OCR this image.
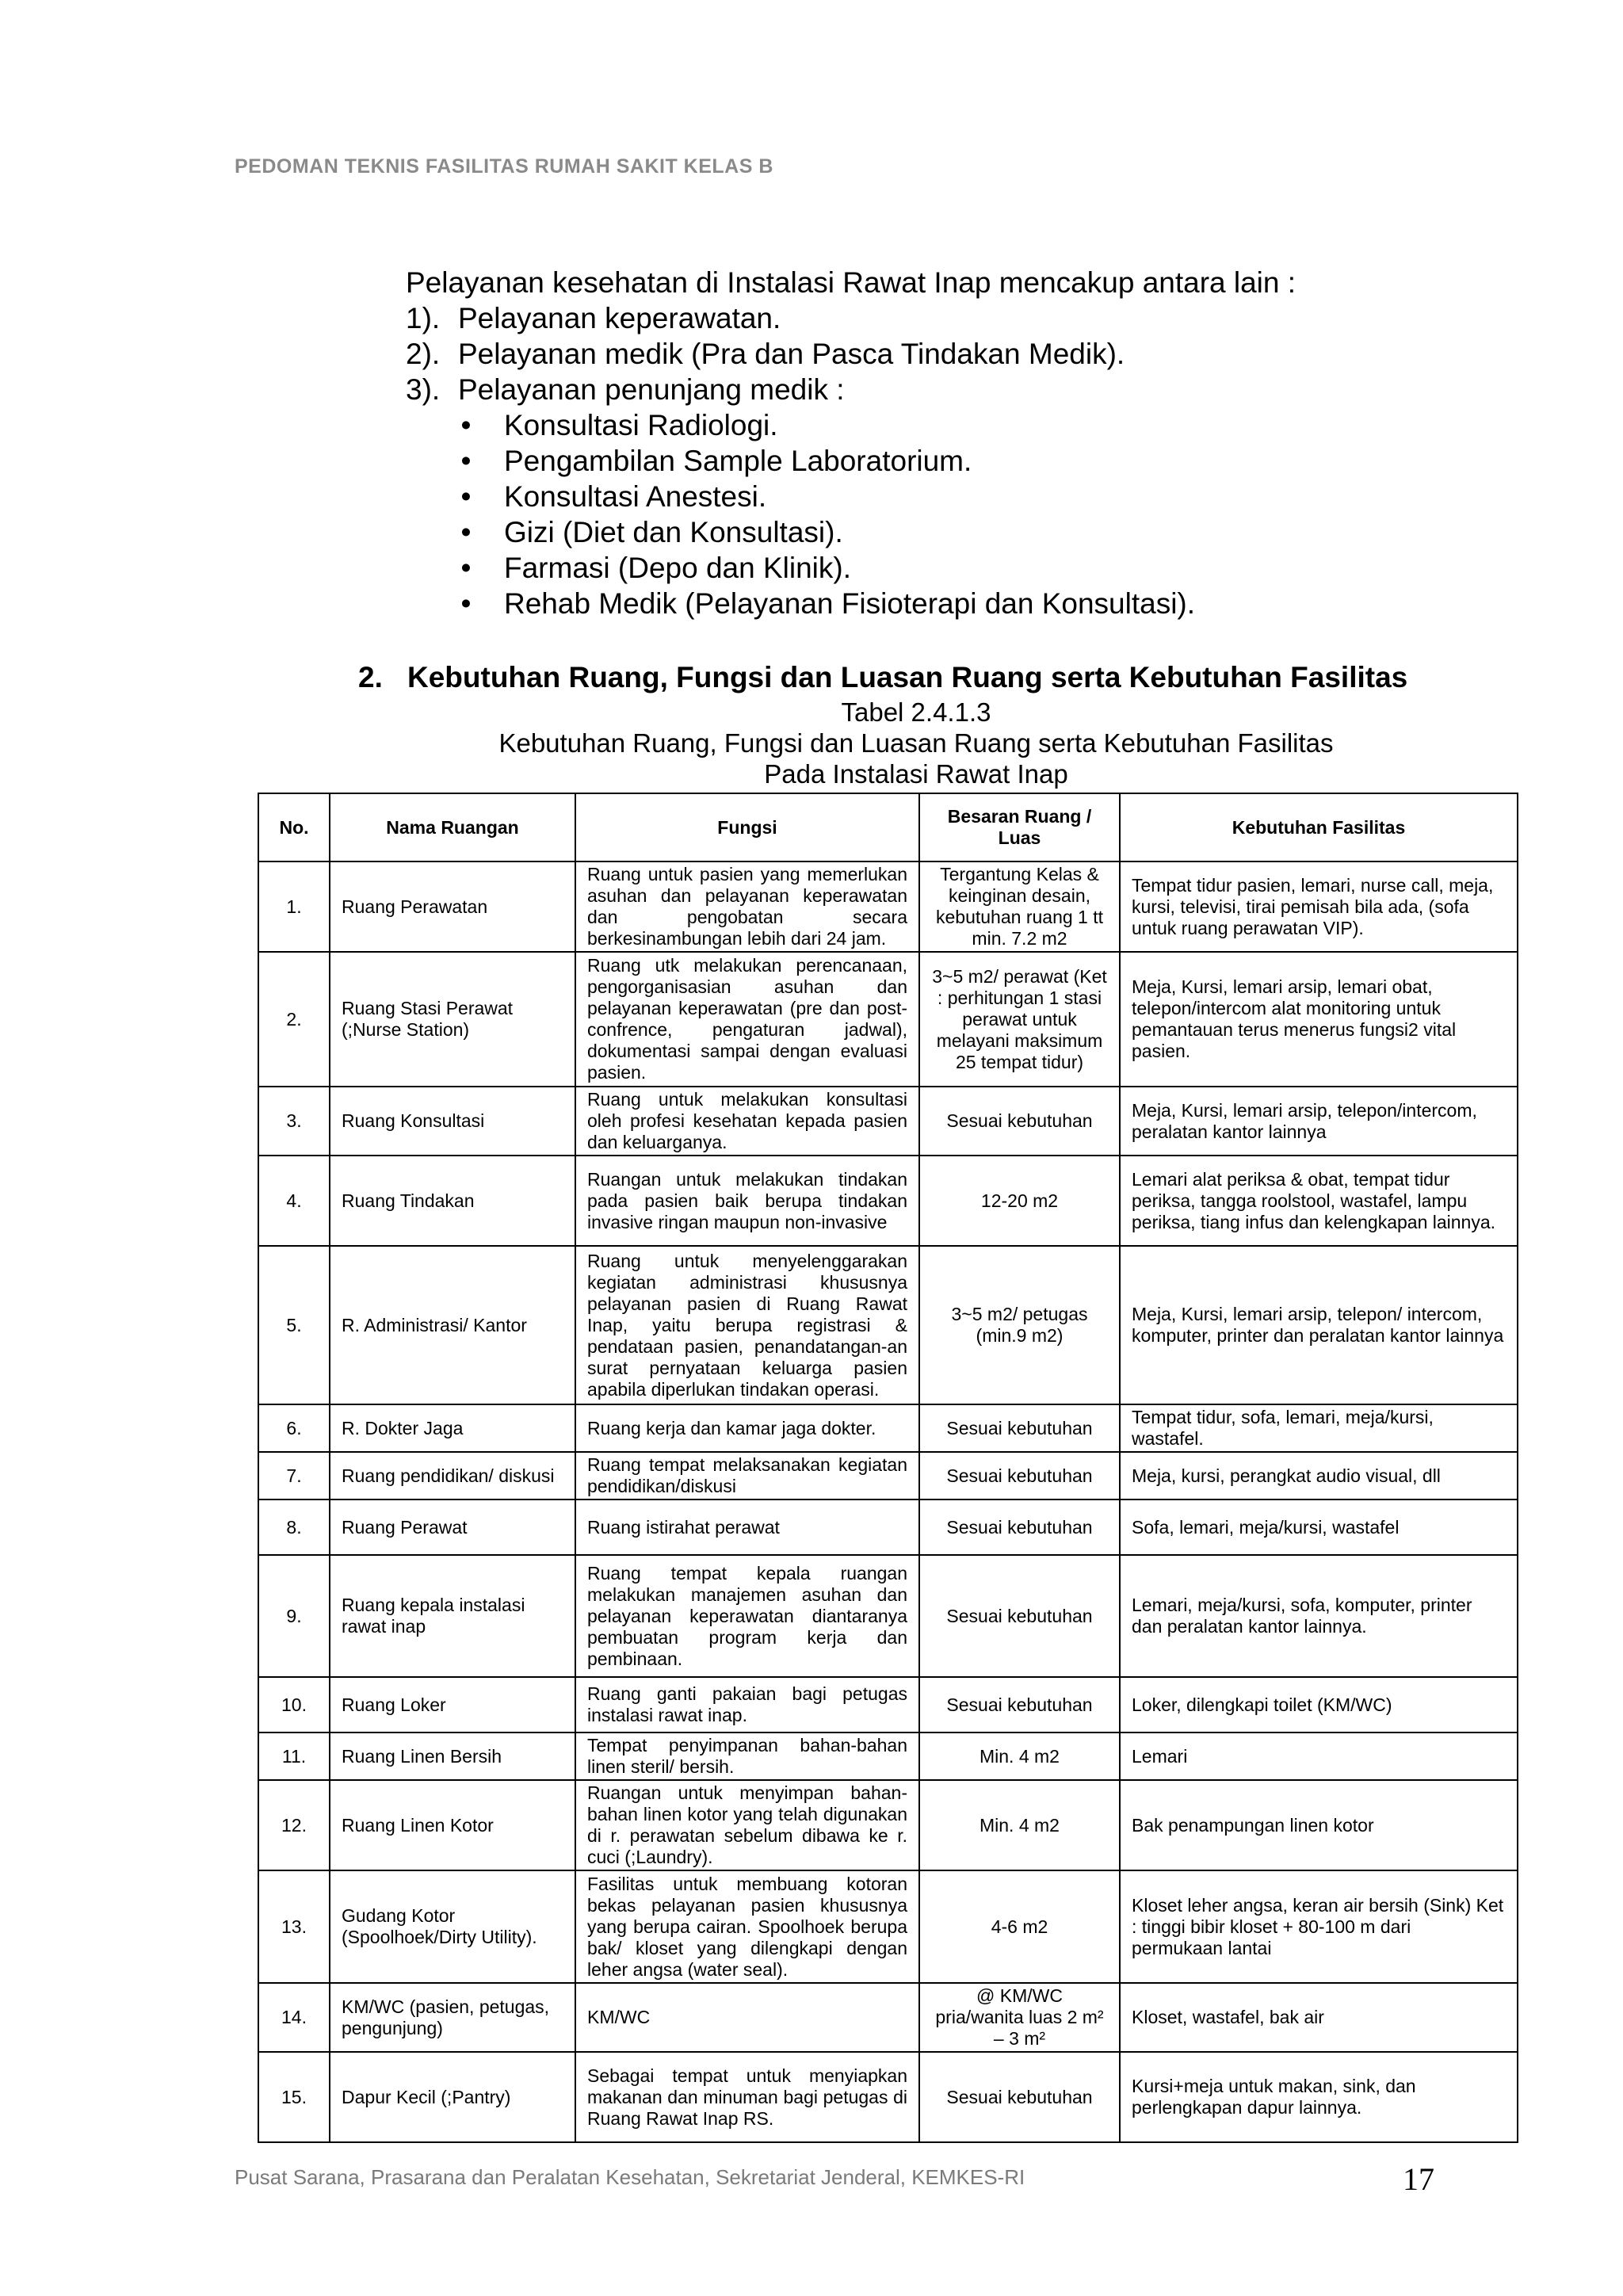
PEDOMAN TEKNIS FASILITAS RUMAH SAKIT KELAS B
Pelayanan kesehatan di Instalasi Rawat Inap mencakup antara lain :
1). Pelayanan keperawatan.
2). Pelayanan medik (Pra dan Pasca Tindakan Medik).
3). Pelayanan penunjang medik :
• Konsultasi Radiologi.
• Pengambilan Sample Laboratorium.
• Konsultasi Anestesi.
• Gizi (Diet dan Konsultasi).
• Farmasi (Depo dan Klinik).
• Rehab Medik (Pelayanan Fisioterapi dan Konsultasi).
2. Kebutuhan Ruang, Fungsi dan Luasan Ruang serta Kebutuhan Fasilitas
Tabel 2.4.1.3
Kebutuhan Ruang, Fungsi dan Luasan Ruang serta Kebutuhan Fasilitas
Pada Instalasi Rawat Inap
No.	Nama Ruangan	Fungsi	Besaran Ruang / Luas	Kebutuhan Fasilitas
1.	Ruang Perawatan	Ruang untuk pasien yang memerlukan asuhan dan pelayanan keperawatan dan pengobatan secara berkesinambungan lebih dari 24 jam.	Tergantung Kelas & keinginan desain, kebutuhan ruang 1 tt min. 7.2 m2	Tempat tidur pasien, lemari, nurse call, meja, kursi, televisi, tirai pemisah bila ada, (sofa untuk ruang perawatan VIP).
2.	Ruang Stasi Perawat (;Nurse Station)	Ruang utk melakukan perencanaan, pengorganisasian asuhan dan pelayanan keperawatan (pre dan post-confrence, pengaturan jadwal), dokumentasi sampai dengan evaluasi pasien.	3~5 m2/ perawat (Ket : perhitungan 1 stasi perawat untuk melayani maksimum 25 tempat tidur)	Meja, Kursi, lemari arsip, lemari obat, telepon/intercom alat monitoring untuk pemantauan terus menerus fungsi2 vital pasien.
3.	Ruang Konsultasi	Ruang untuk melakukan konsultasi oleh profesi kesehatan kepada pasien dan keluarganya.	Sesuai kebutuhan	Meja, Kursi, lemari arsip, telepon/intercom, peralatan kantor lainnya
4.	Ruang Tindakan	Ruangan untuk melakukan tindakan pada pasien baik berupa tindakan invasive ringan maupun non-invasive	12-20 m2	Lemari alat periksa & obat, tempat tidur periksa, tangga roolstool, wastafel, lampu periksa, tiang infus dan kelengkapan lainnya.
5.	R. Administrasi/ Kantor	Ruang untuk menyelenggarakan kegiatan administrasi khususnya pelayanan pasien di Ruang Rawat Inap, yaitu berupa registrasi & pendataan pasien, penandatangan-an surat pernyataan keluarga pasien apabila diperlukan tindakan operasi.	3~5 m2/ petugas (min.9 m2)	Meja, Kursi, lemari arsip, telepon/ intercom, komputer, printer dan peralatan kantor lainnya
6.	R. Dokter Jaga	Ruang kerja dan kamar jaga dokter.	Sesuai kebutuhan	Tempat tidur, sofa, lemari, meja/kursi, wastafel.
7.	Ruang pendidikan/ diskusi	Ruang tempat melaksanakan kegiatan pendidikan/diskusi	Sesuai kebutuhan	Meja, kursi, perangkat audio visual, dll
8.	Ruang Perawat	Ruang istirahat perawat	Sesuai kebutuhan	Sofa, lemari, meja/kursi, wastafel
9.	Ruang kepala instalasi rawat inap	Ruang tempat kepala ruangan melakukan manajemen asuhan dan pelayanan keperawatan diantaranya pembuatan program kerja dan pembinaan.	Sesuai kebutuhan	Lemari, meja/kursi, sofa, komputer, printer dan peralatan kantor lainnya.
10.	Ruang Loker	Ruang ganti pakaian bagi petugas instalasi rawat inap.	Sesuai kebutuhan	Loker, dilengkapi toilet (KM/WC)
11.	Ruang Linen Bersih	Tempat penyimpanan bahan-bahan linen steril/ bersih.	Min. 4 m2	Lemari
12.	Ruang Linen Kotor	Ruangan untuk menyimpan bahan-bahan linen kotor yang telah digunakan di r. perawatan sebelum dibawa ke r. cuci (;Laundry).	Min. 4 m2	Bak penampungan linen kotor
13.	Gudang Kotor (Spoolhoek/Dirty Utility).	Fasilitas untuk membuang kotoran bekas pelayanan pasien khususnya yang berupa cairan. Spoolhoek berupa bak/ kloset yang dilengkapi dengan leher angsa (water seal).	4-6 m2	Kloset leher angsa, keran air bersih (Sink) Ket : tinggi bibir kloset + 80-100 m dari permukaan lantai
14.	KM/WC (pasien, petugas, pengunjung)	KM/WC	@ KM/WC pria/wanita luas 2 m² – 3 m²	Kloset, wastafel, bak air
15.	Dapur Kecil (;Pantry)	Sebagai tempat untuk menyiapkan makanan dan minuman bagi petugas di Ruang Rawat Inap RS.	Sesuai kebutuhan	Kursi+meja untuk makan, sink, dan perlengkapan dapur lainnya.
Pusat Sarana, Prasarana dan Peralatan Kesehatan, Sekretariat Jenderal, KEMKES-RI	17
